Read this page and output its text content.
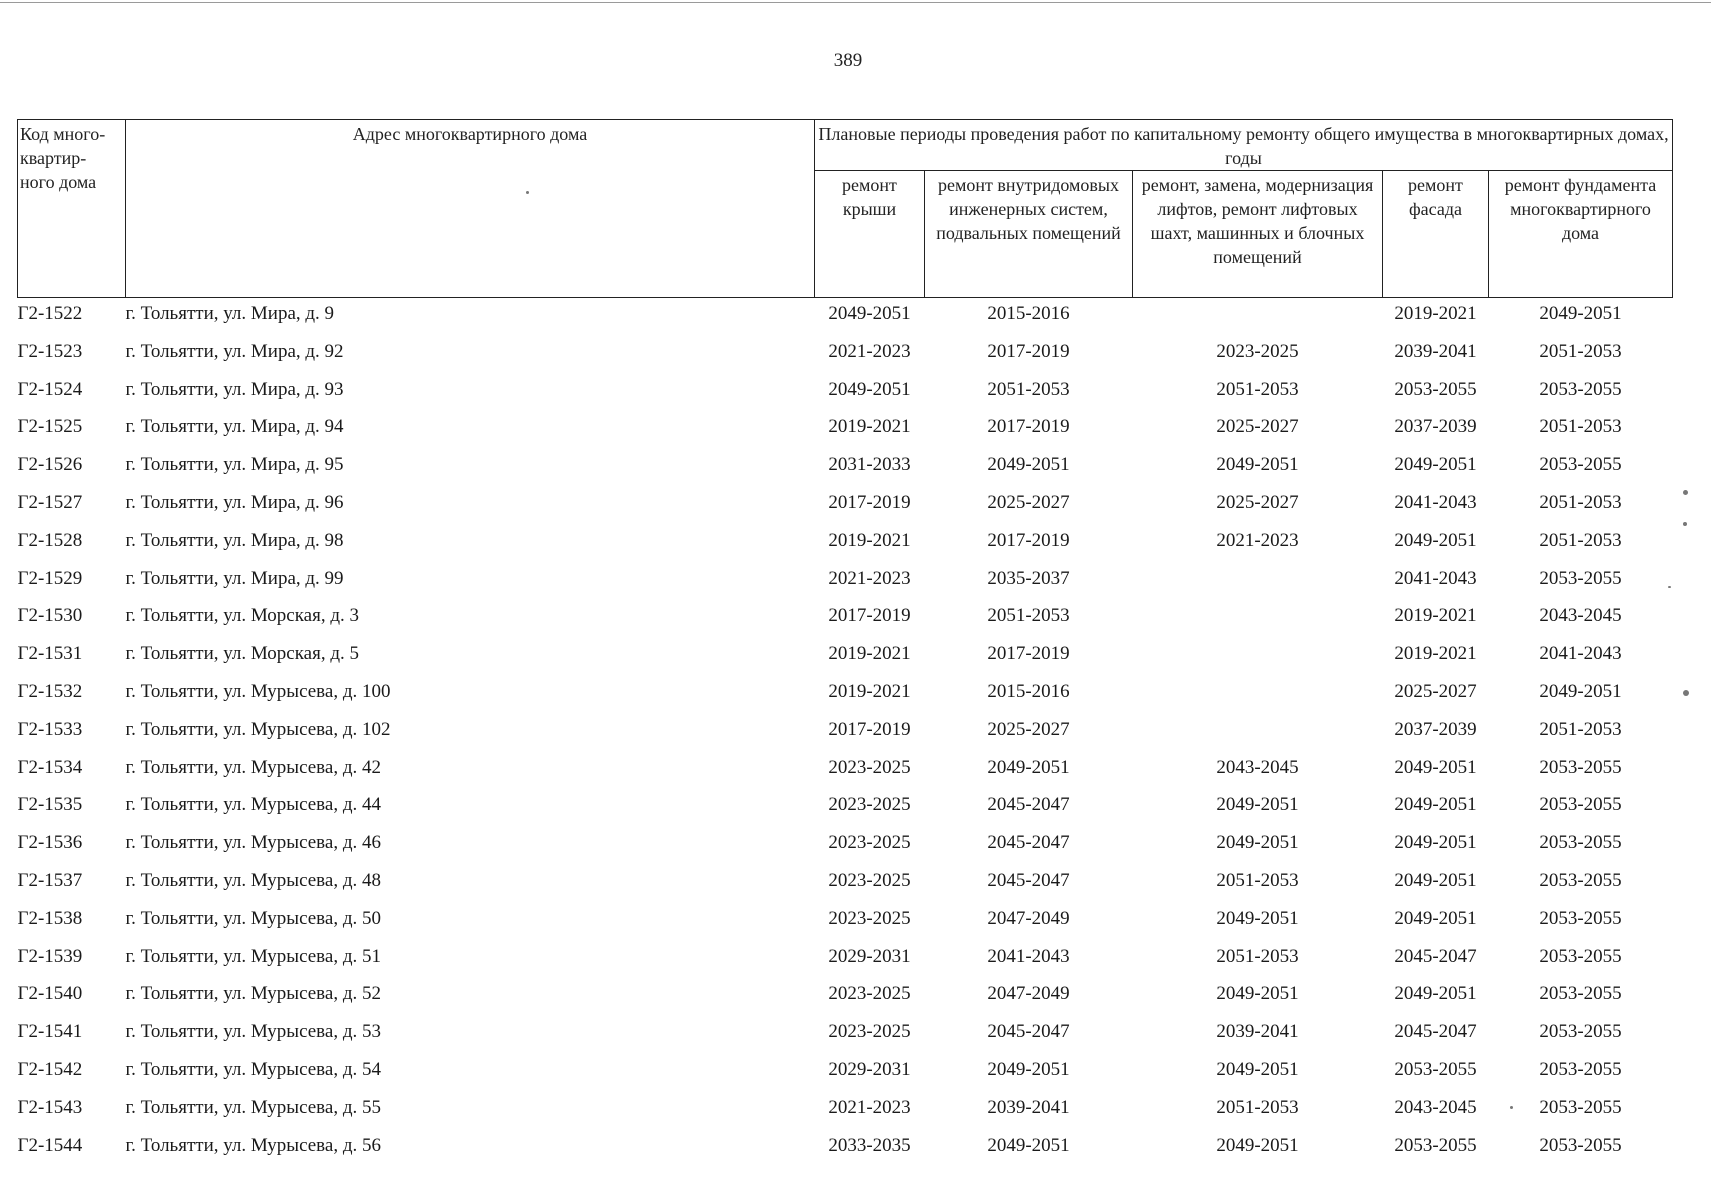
389
Код много-
квартир-
ного дома	Адрес многоквартирного дома	Плановые периоды проведения работ по капитальному ремонту общего имущества в многоквартирных домах, годы				
		ремонт крыши	ремонт внутридомовых инженерных систем, подвальных помещений	ремонт, замена, модернизация лифтов, ремонт лифтовых шахт, машинных и блочных помещений	ремонт фасада	ремонт фундамента многоквартирного дома
Г2-1522	г. Тольятти, ул. Мира, д. 9	2049-2051	2015-2016		2019-2021	2049-2051
Г2-1523	г. Тольятти, ул. Мира, д. 92	2021-2023	2017-2019	2023-2025	2039-2041	2051-2053
Г2-1524	г. Тольятти, ул. Мира, д. 93	2049-2051	2051-2053	2051-2053	2053-2055	2053-2055
Г2-1525	г. Тольятти, ул. Мира, д. 94	2019-2021	2017-2019	2025-2027	2037-2039	2051-2053
Г2-1526	г. Тольятти, ул. Мира, д. 95	2031-2033	2049-2051	2049-2051	2049-2051	2053-2055
Г2-1527	г. Тольятти, ул. Мира, д. 96	2017-2019	2025-2027	2025-2027	2041-2043	2051-2053
Г2-1528	г. Тольятти, ул. Мира, д. 98	2019-2021	2017-2019	2021-2023	2049-2051	2051-2053
Г2-1529	г. Тольятти, ул. Мира, д. 99	2021-2023	2035-2037		2041-2043	2053-2055
Г2-1530	г. Тольятти, ул. Морская, д. 3	2017-2019	2051-2053		2019-2021	2043-2045
Г2-1531	г. Тольятти, ул. Морская, д. 5	2019-2021	2017-2019		2019-2021	2041-2043
Г2-1532	г. Тольятти, ул. Мурысева, д. 100	2019-2021	2015-2016		2025-2027	2049-2051
Г2-1533	г. Тольятти, ул. Мурысева, д. 102	2017-2019	2025-2027		2037-2039	2051-2053
Г2-1534	г. Тольятти, ул. Мурысева, д. 42	2023-2025	2049-2051	2043-2045	2049-2051	2053-2055
Г2-1535	г. Тольятти, ул. Мурысева, д. 44	2023-2025	2045-2047	2049-2051	2049-2051	2053-2055
Г2-1536	г. Тольятти, ул. Мурысева, д. 46	2023-2025	2045-2047	2049-2051	2049-2051	2053-2055
Г2-1537	г. Тольятти, ул. Мурысева, д. 48	2023-2025	2045-2047	2051-2053	2049-2051	2053-2055
Г2-1538	г. Тольятти, ул. Мурысева, д. 50	2023-2025	2047-2049	2049-2051	2049-2051	2053-2055
Г2-1539	г. Тольятти, ул. Мурысева, д. 51	2029-2031	2041-2043	2051-2053	2045-2047	2053-2055
Г2-1540	г. Тольятти, ул. Мурысева, д. 52	2023-2025	2047-2049	2049-2051	2049-2051	2053-2055
Г2-1541	г. Тольятти, ул. Мурысева, д. 53	2023-2025	2045-2047	2039-2041	2045-2047	2053-2055
Г2-1542	г. Тольятти, ул. Мурысева, д. 54	2029-2031	2049-2051	2049-2051	2053-2055	2053-2055
Г2-1543	г. Тольятти, ул. Мурысева, д. 55	2021-2023	2039-2041	2051-2053	2043-2045	2053-2055
Г2-1544	г. Тольятти, ул. Мурысева, д. 56	2033-2035	2049-2051	2049-2051	2053-2055	2053-2055
